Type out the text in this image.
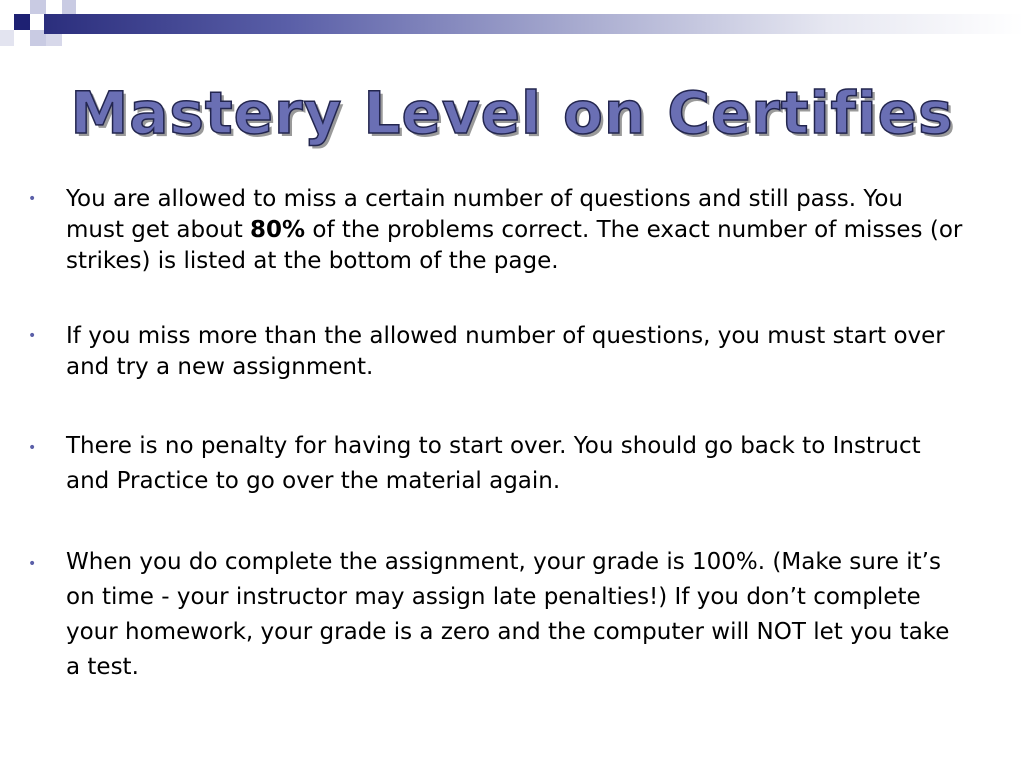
Mastery Level on Certifies
• You are allowed to miss a certain number of questions and still pass. You must get about 80% of the problems correct. The exact number of misses (or strikes) is listed at the bottom of the page.
• If you miss more than the allowed number of questions, you must start over and try a new assignment.
• There is no penalty for having to start over. You should go back to Instruct and Practice to go over the material again.
• When you do complete the assignment, your grade is 100%. (Make sure it’s on time - your instructor may assign late penalties!) If you don’t complete your homework, your grade is a zero and the computer will NOT let you take a test.
